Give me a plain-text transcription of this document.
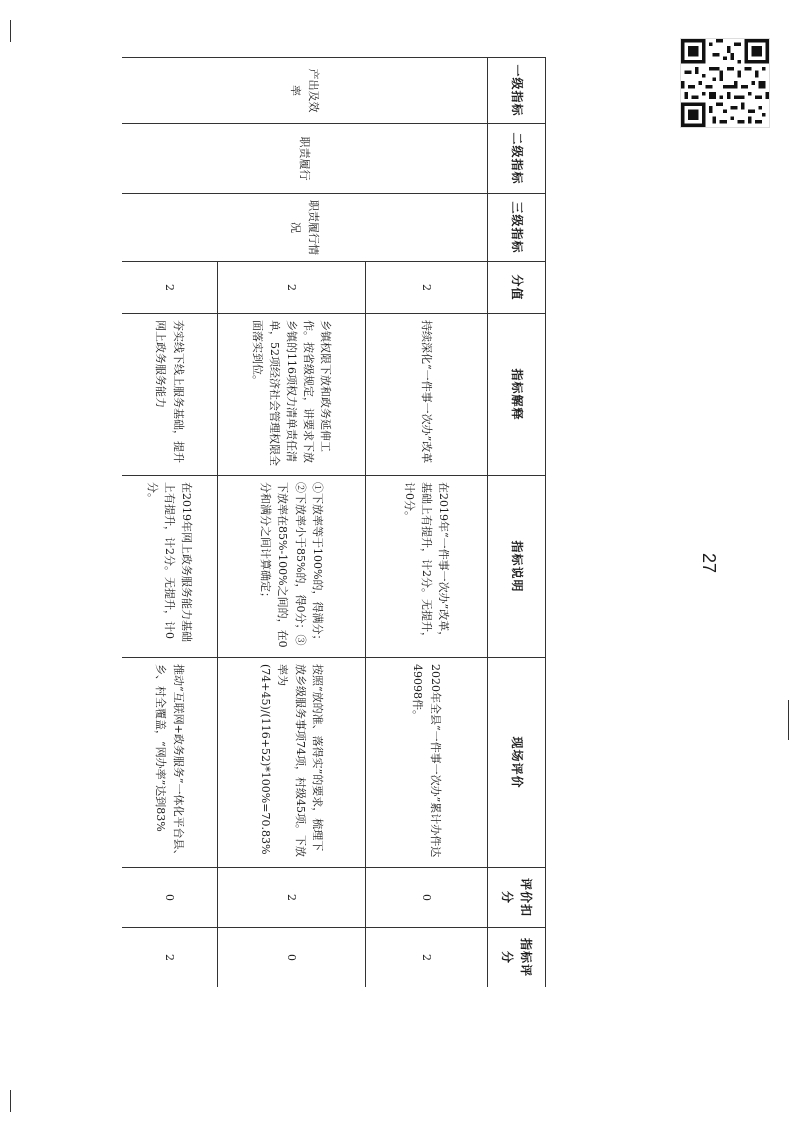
27
一级指标	二级指标	三级指标	分值	指标解释	指标说明	现场评价	评价扣分	指标评分
产出及效率	职责履行	职责履行情况	2	持续深化“一件事一次办”改革	在2019年“一件事一次办”改革，基础上有提升，计2分。无提升，计0分。	2020年全县“一件事一次办”累计办件达49098件。	0	2
			2	乡镇权限下放和政务延伸工作。按省级规定，讲要求下放乡镇的116项权力清单责任清单，52项经济社会管理权限全面落实到位。	①下放率等于100%的，得满分；②下放率小于85%的，得0分；③下放率在85%-100%之间的，在0分和满分之间计算确定；	按照“放的准、落得实”的要求，梳理下放乡级服务事项74项，村级45项。下放率为(74+45)/(116+52)*100%=70.83%	2	0
			2	夯实线下线上服务基础，提升网上政务服务能力	在2019年网上政务服务能力基础上有提升，计2分。无提升，计0分。	推动“互联网+政务服务”一体化平台县、乡、村全覆盖，“网办率”达到83%	0	2
